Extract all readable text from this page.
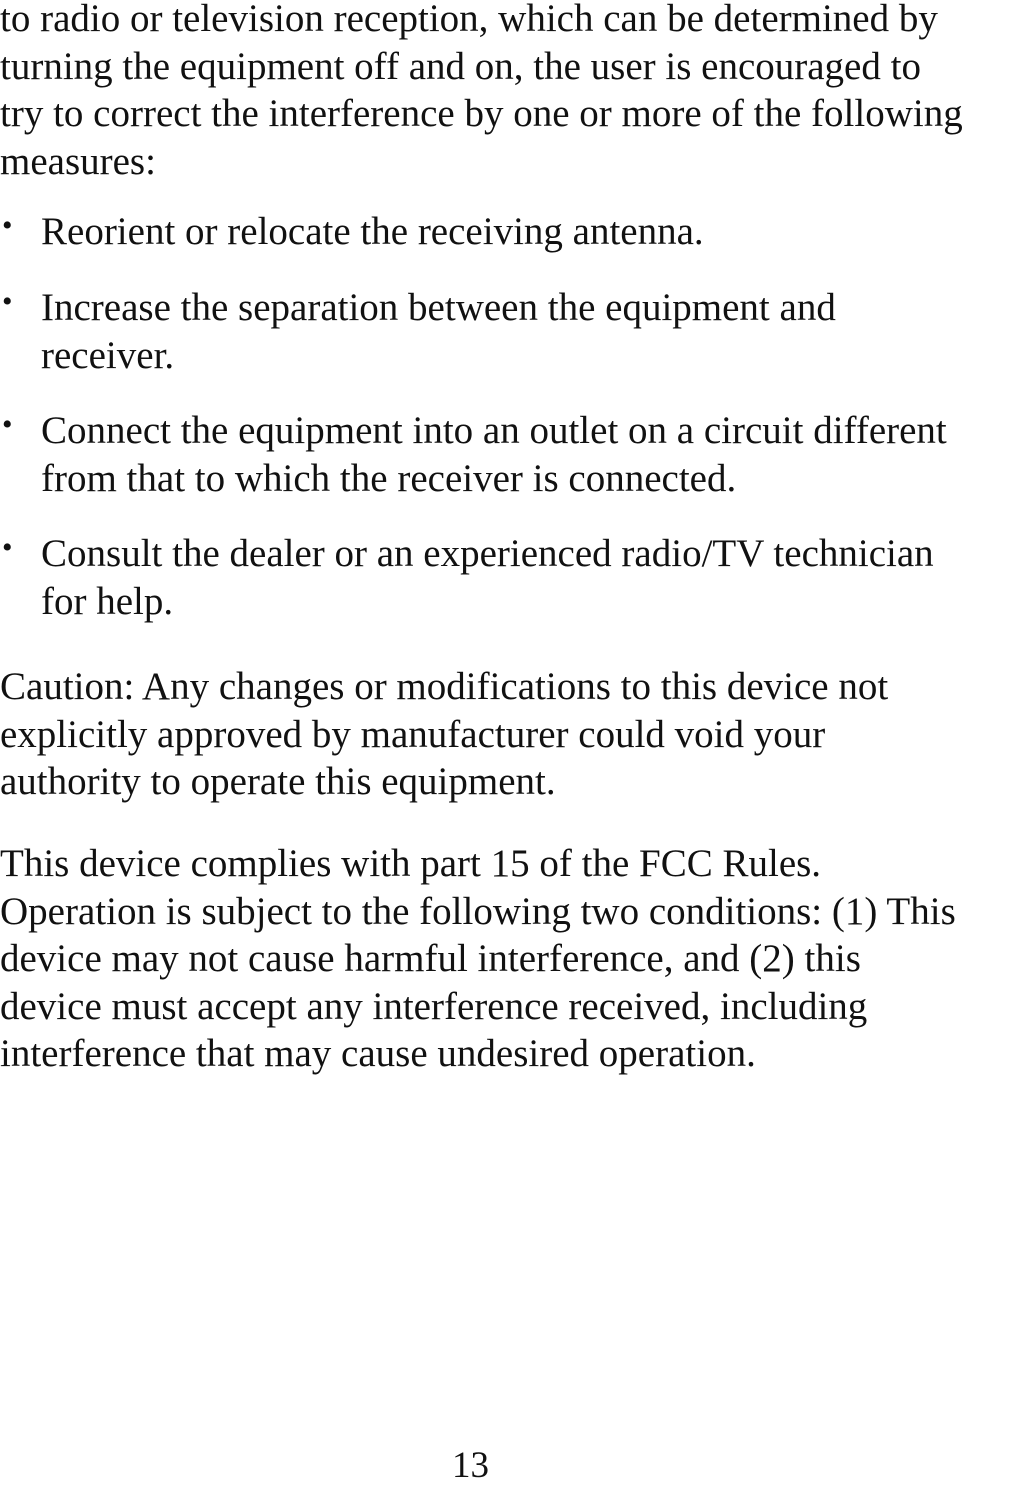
to radio or television reception, which can be determined by
turning the equipment off and on, the user is encouraged to
try to correct the interference by one or more of the following
measures:

• Reorient or relocate the receiving antenna.
• Increase the separation between the equipment and
receiver.
• Connect the equipment into an outlet on a circuit different
from that to which the receiver is connected.
• Consult the dealer or an experienced radio/TV technician
for help.

Caution: Any changes or modifications to this device not
explicitly approved by manufacturer could void your
authority to operate this equipment.

This device complies with part 15 of the FCC Rules.
Operation is subject to the following two conditions: (1) This
device may not cause harmful interference, and (2) this
device must accept any interference received, including
interference that may cause undesired operation.

13
